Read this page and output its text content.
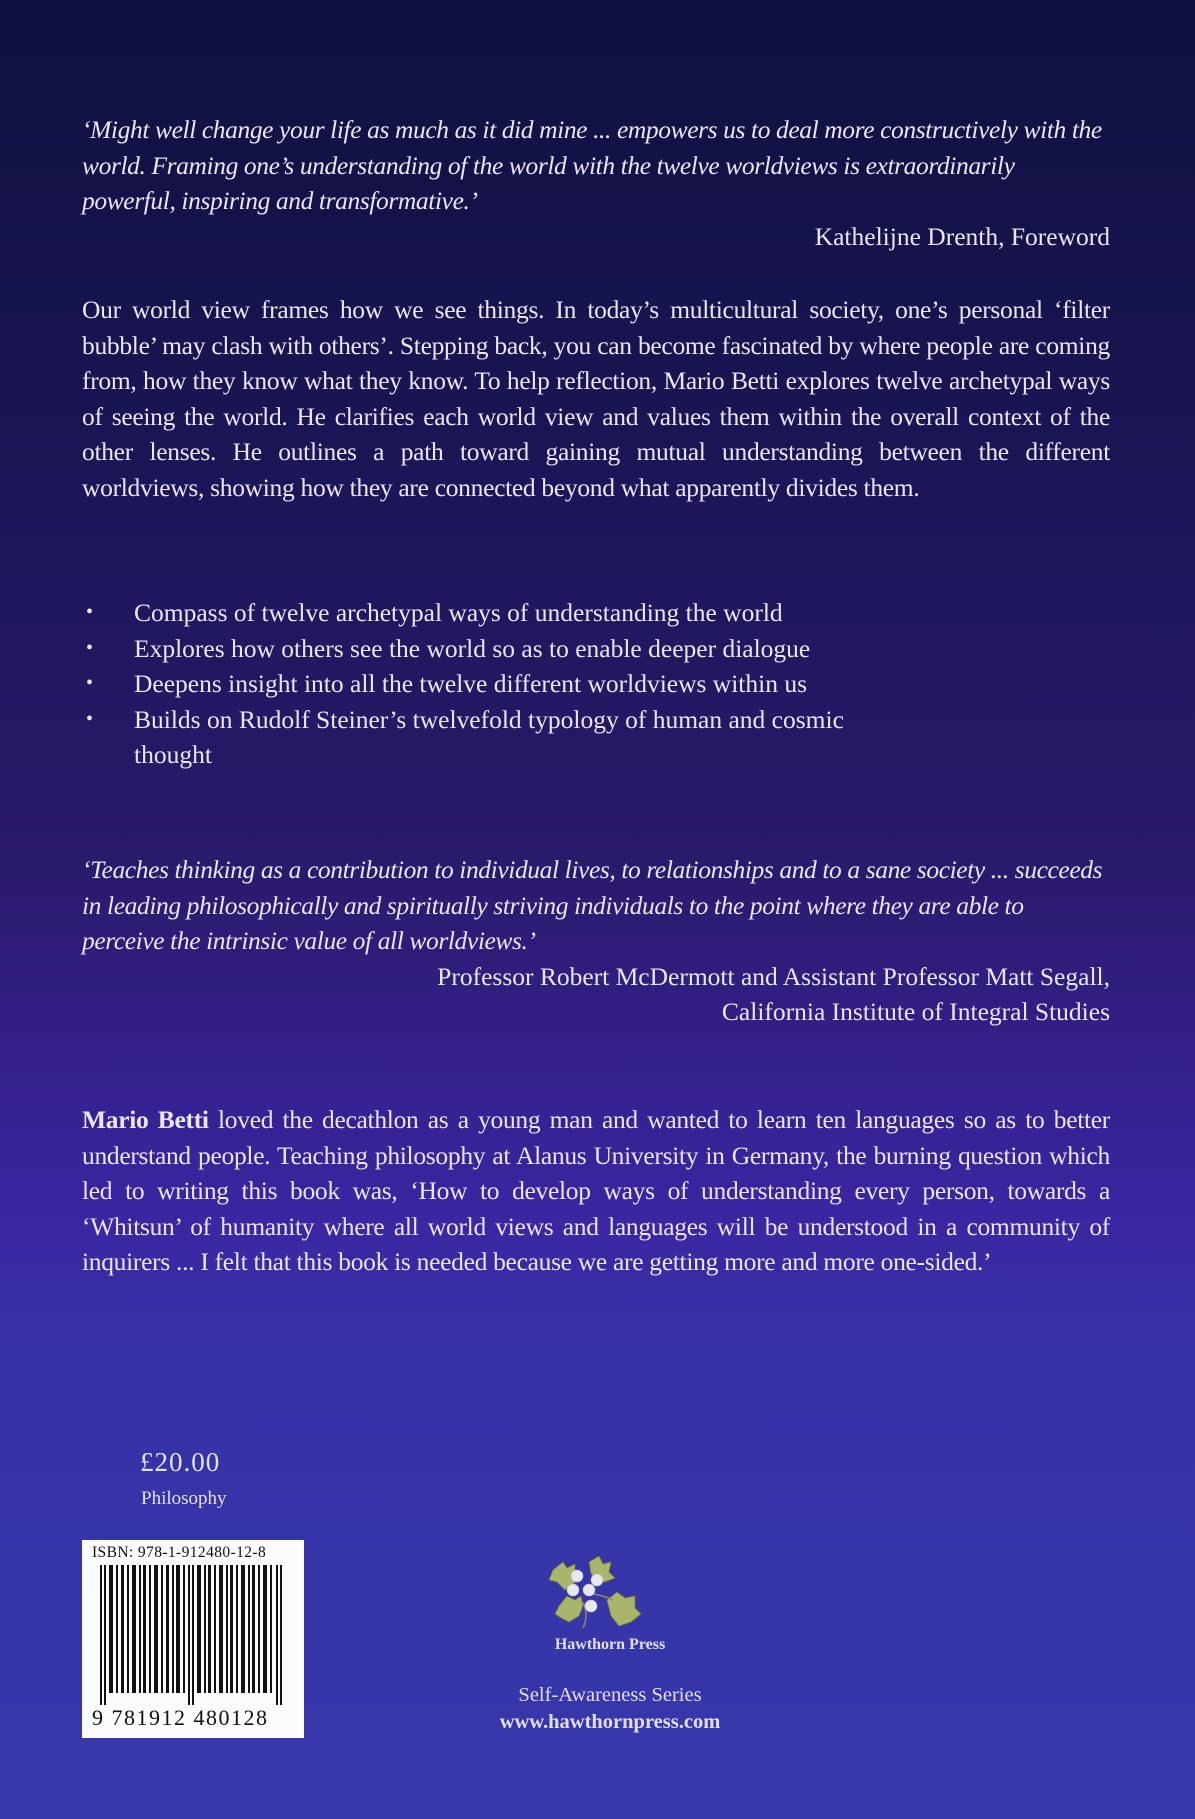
‘Might well change your life as much as it did mine ... empowers us to deal more constructively with the world. Framing one’s understanding of the world with the twelve worldviews is extraordinarily powerful, inspiring and transformative.’

Kathelijne Drenth, Foreword

Our world view frames how we see things. In today’s multicultural society, one’s personal ‘filter bubble’ may clash with others’. Stepping back, you can become fascinated by where people are coming from, how they know what they know. To help reflection, Mario Betti explores twelve archetypal ways of seeing the world. He clarifies each world view and values them within the overall context of the other lenses. He outlines a path toward gaining mutual understanding between the different worldviews, showing how they are connected beyond what apparently divides them.

• Compass of twelve archetypal ways of understanding the world
• Explores how others see the world so as to enable deeper dialogue
• Deepens insight into all the twelve different worldviews within us
• Builds on Rudolf Steiner’s twelvefold typology of human and cosmic thought

‘Teaches thinking as a contribution to individual lives, to relationships and to a sane society ... succeeds in leading philosophically and spiritually striving individuals to the point where they are able to perceive the intrinsic value of all worldviews.’

Professor Robert McDermott and Assistant Professor Matt Segall,

California Institute of Integral Studies

Mario Betti loved the decathlon as a young man and wanted to learn ten languages so as to better understand people. Teaching philosophy at Alanus University in Germany, the burning question which led to writing this book was, ‘How to develop ways of understanding every person, towards a ‘Whitsun’ of humanity where all world views and languages will be understood in a community of inquirers ... I felt that this book is needed because we are getting more and more one-sided.’

£20.00
Philosophy
ISBN: 978-1-912480-12-8
9 781912 480128
Hawthorn Press
Self-Awareness Series
www.hawthornpress.com
